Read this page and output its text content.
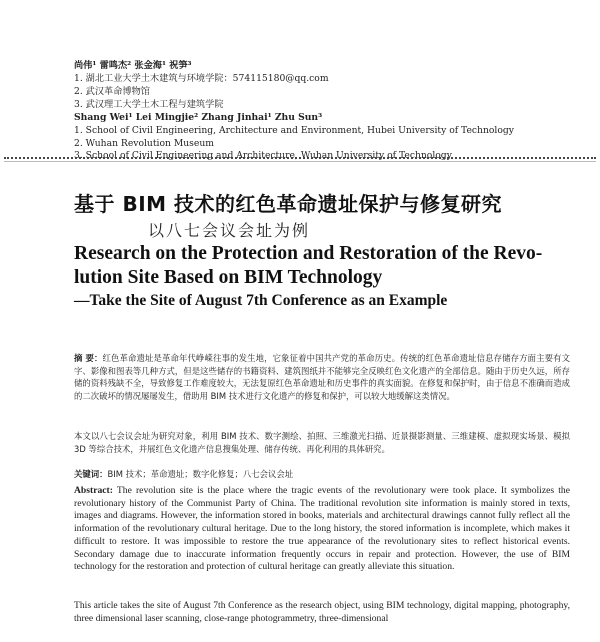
尚伟¹ 雷鸣杰² 张金海¹ 祝笋³
1. 湖北工业大学土木建筑与环境学院：574115180@qq.com
2. 武汉革命博物馆
3. 武汉理工大学土木工程与建筑学院
Shang Wei¹ Lei Mingjie² Zhang Jinhai¹ Zhu Sun³
1. School of Civil Engineering, Architecture and Environment, Hubei University of Technology
2. Wuhan Revolution Museum
3. School of Civil Engineering and Architecture, Wuhan University of Technology
基于 BIM 技术的红色革命遗址保护与修复研究
以八七会议会址为例
Research on the Protection and Restoration of the Revo-
lution Site Based on BIM Technology
—Take the Site of August 7th Conference as an Example
摘 要：红色革命遗址是革命年代峥嵘往事的发生地，它象征着中国共产党的革命历史。传统的红色革命遗址信息存储存方面主要有文字、影像和图表等几种方式，但是这些储存的书籍资料、建筑图纸并不能够完全反映红色文化遗产的全部信息。随由于历史久远，所存储的资料残缺不全，导致修复工作难度较大，无法复原红色革命遗址和历史事件的真实面貌。在修复和保护时，由于信息不准确而造成的二次破坏的情况屡屡发生，借助用 BIM 技术进行文化遗产的修复和保护，可以较大地缓解这类情况。
本文以八七会议会址为研究对象，利用 BIM 技术、数字测绘、拍照、三维激光扫描、近景摄影测量、三维建模、虚拟现实场景、模拟 3D 等综合技术，并展红色文化遗产信息搜集处理、储存传统、再化利用的具体研究。
关键词：BIM 技术；革命遗址；数字化修复；八七会议会址
Abstract: The revolution site is the place where the tragic events of the revolutionary were took place. It symbolizes the revolutionary history of the Communist Party of China. The traditional revolution site information is mainly stored in texts, images and diagrams. However, the information stored in books, materials and architectural drawings cannot fully reflect all the information of the revolutionary cultural heritage. Due to the long history, the stored information is incomplete, which makes it difficult to restore. It was impossible to restore the true appearance of the revolutionary sites to reflect historical events. Secondary damage due to inaccurate information frequently occurs in repair and protection. However, the use of BIM technology for the restoration and protection of cultural heritage can greatly alleviate this situation.
This article takes the site of August 7th Conference as the research object, using BIM technology, digital mapping, photography, three dimensional laser scanning, close-range photogrammetry, three-dimensional
